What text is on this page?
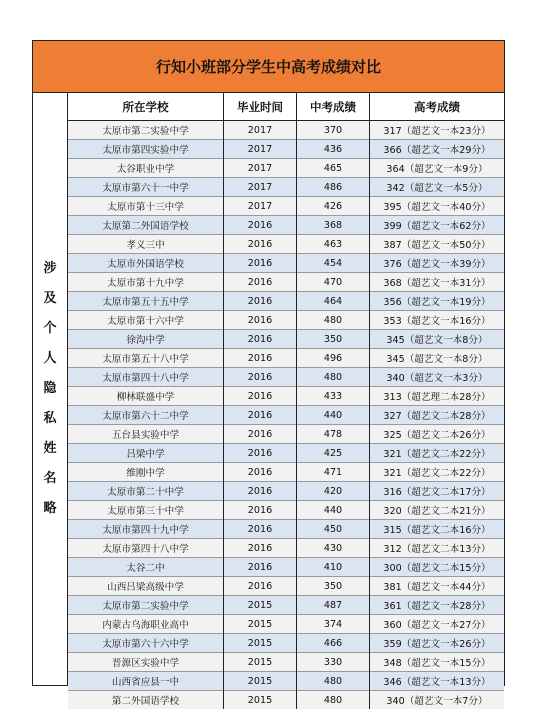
行知小班部分学生中高考成绩对比
涉
及
个
人
隐
私
姓
名
略
所在学校	毕业时间	中考成绩	高考成绩
太原市第二实验中学	2017	370	317（超艺文一本23分）
太原市第四实验中学	2017	436	366（超艺文一本29分）
太谷职业中学	2017	465	364（超艺文一本9分）
太原市第六十一中学	2017	486	342（超艺文一本5分）
太原市第十三中学	2017	426	395（超艺文一本40分）
太原第二外国语学校	2016	368	399（超艺文一本62分）
孝义三中	2016	463	387（超艺文一本50分）
太原市外国语学校	2016	454	376（超艺文一本39分）
太原市第十九中学	2016	470	368（超艺文一本31分）
太原市第五十五中学	2016	464	356（超艺文一本19分）
太原市第十六中学	2016	480	353（超艺文一本16分）
徐沟中学	2016	350	345（超艺文一本8分）
太原市第五十八中学	2016	496	345（超艺文一本8分）
太原市第四十八中学	2016	480	340（超艺文一本3分）
柳林联盛中学	2016	433	313（超艺理二本28分）
太原市第六十二中学	2016	440	327（超艺文二本28分）
五台县实验中学	2016	478	325（超艺文二本26分）
吕梁中学	2016	425	321（超艺文二本22分）
维刚中学	2016	471	321（超艺文二本22分）
太原市第二十中学	2016	420	316（超艺文二本17分）
太原市第三十中学	2016	440	320（超艺文二本21分）
太原市第四十九中学	2016	450	315（超艺文二本16分）
太原市第四十八中学	2016	430	312（超艺文二本13分）
太谷二中	2016	410	300（超艺文二本15分）
山西吕梁高级中学	2016	350	381（超艺文一本44分）
太原市第二实验中学	2015	487	361（超艺文一本28分）
内蒙古乌海职业高中	2015	374	360（超艺文一本27分）
太原市第六十六中学	2015	466	359（超艺文一本26分）
晋源区实验中学	2015	330	348（超艺文一本15分）
山西省应县一中	2015	480	346（超艺文一本13分）
第二外国语学校	2015	480	340（超艺文一本7分）
